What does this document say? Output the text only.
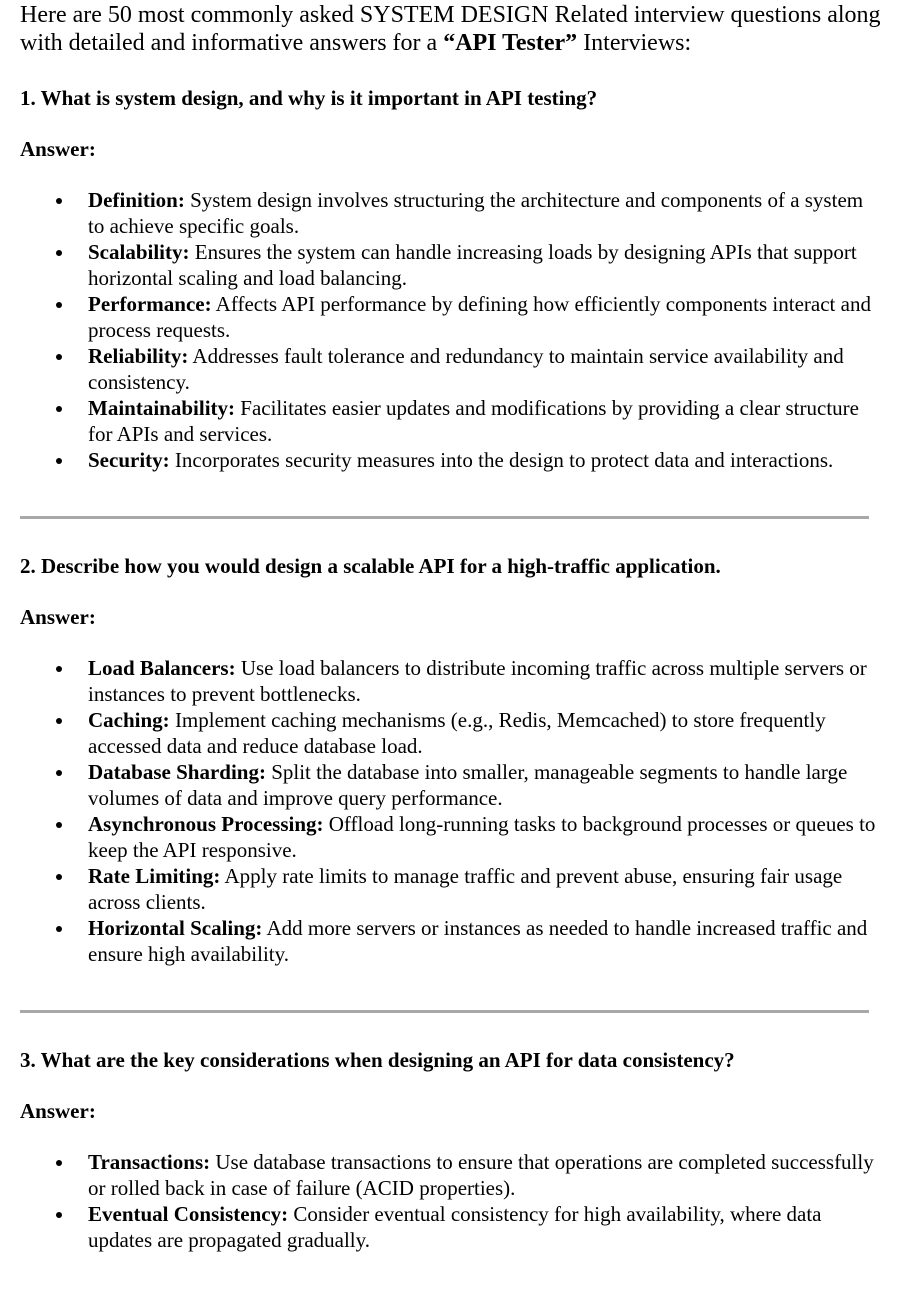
Here are 50 most commonly asked SYSTEM DESIGN Related interview questions along with detailed and informative answers for a “API Tester” Interviews:

1. What is system design, and why is it important in API testing?

Answer:

Definition: System design involves structuring the architecture and components of a system to achieve specific goals.
Scalability: Ensures the system can handle increasing loads by designing APIs that support horizontal scaling and load balancing.
Performance: Affects API performance by defining how efficiently components interact and process requests.
Reliability: Addresses fault tolerance and redundancy to maintain service availability and consistency.
Maintainability: Facilitates easier updates and modifications by providing a clear structure for APIs and services.
Security: Incorporates security measures into the design to protect data and interactions.

2. Describe how you would design a scalable API for a high-traffic application.

Answer:

Load Balancers: Use load balancers to distribute incoming traffic across multiple servers or instances to prevent bottlenecks.
Caching: Implement caching mechanisms (e.g., Redis, Memcached) to store frequently accessed data and reduce database load.
Database Sharding: Split the database into smaller, manageable segments to handle large volumes of data and improve query performance.
Asynchronous Processing: Offload long-running tasks to background processes or queues to keep the API responsive.
Rate Limiting: Apply rate limits to manage traffic and prevent abuse, ensuring fair usage across clients.
Horizontal Scaling: Add more servers or instances as needed to handle increased traffic and ensure high availability.

3. What are the key considerations when designing an API for data consistency?

Answer:

Transactions: Use database transactions to ensure that operations are completed successfully or rolled back in case of failure (ACID properties).
Eventual Consistency: Consider eventual consistency for high availability, where data updates are propagated gradually.
